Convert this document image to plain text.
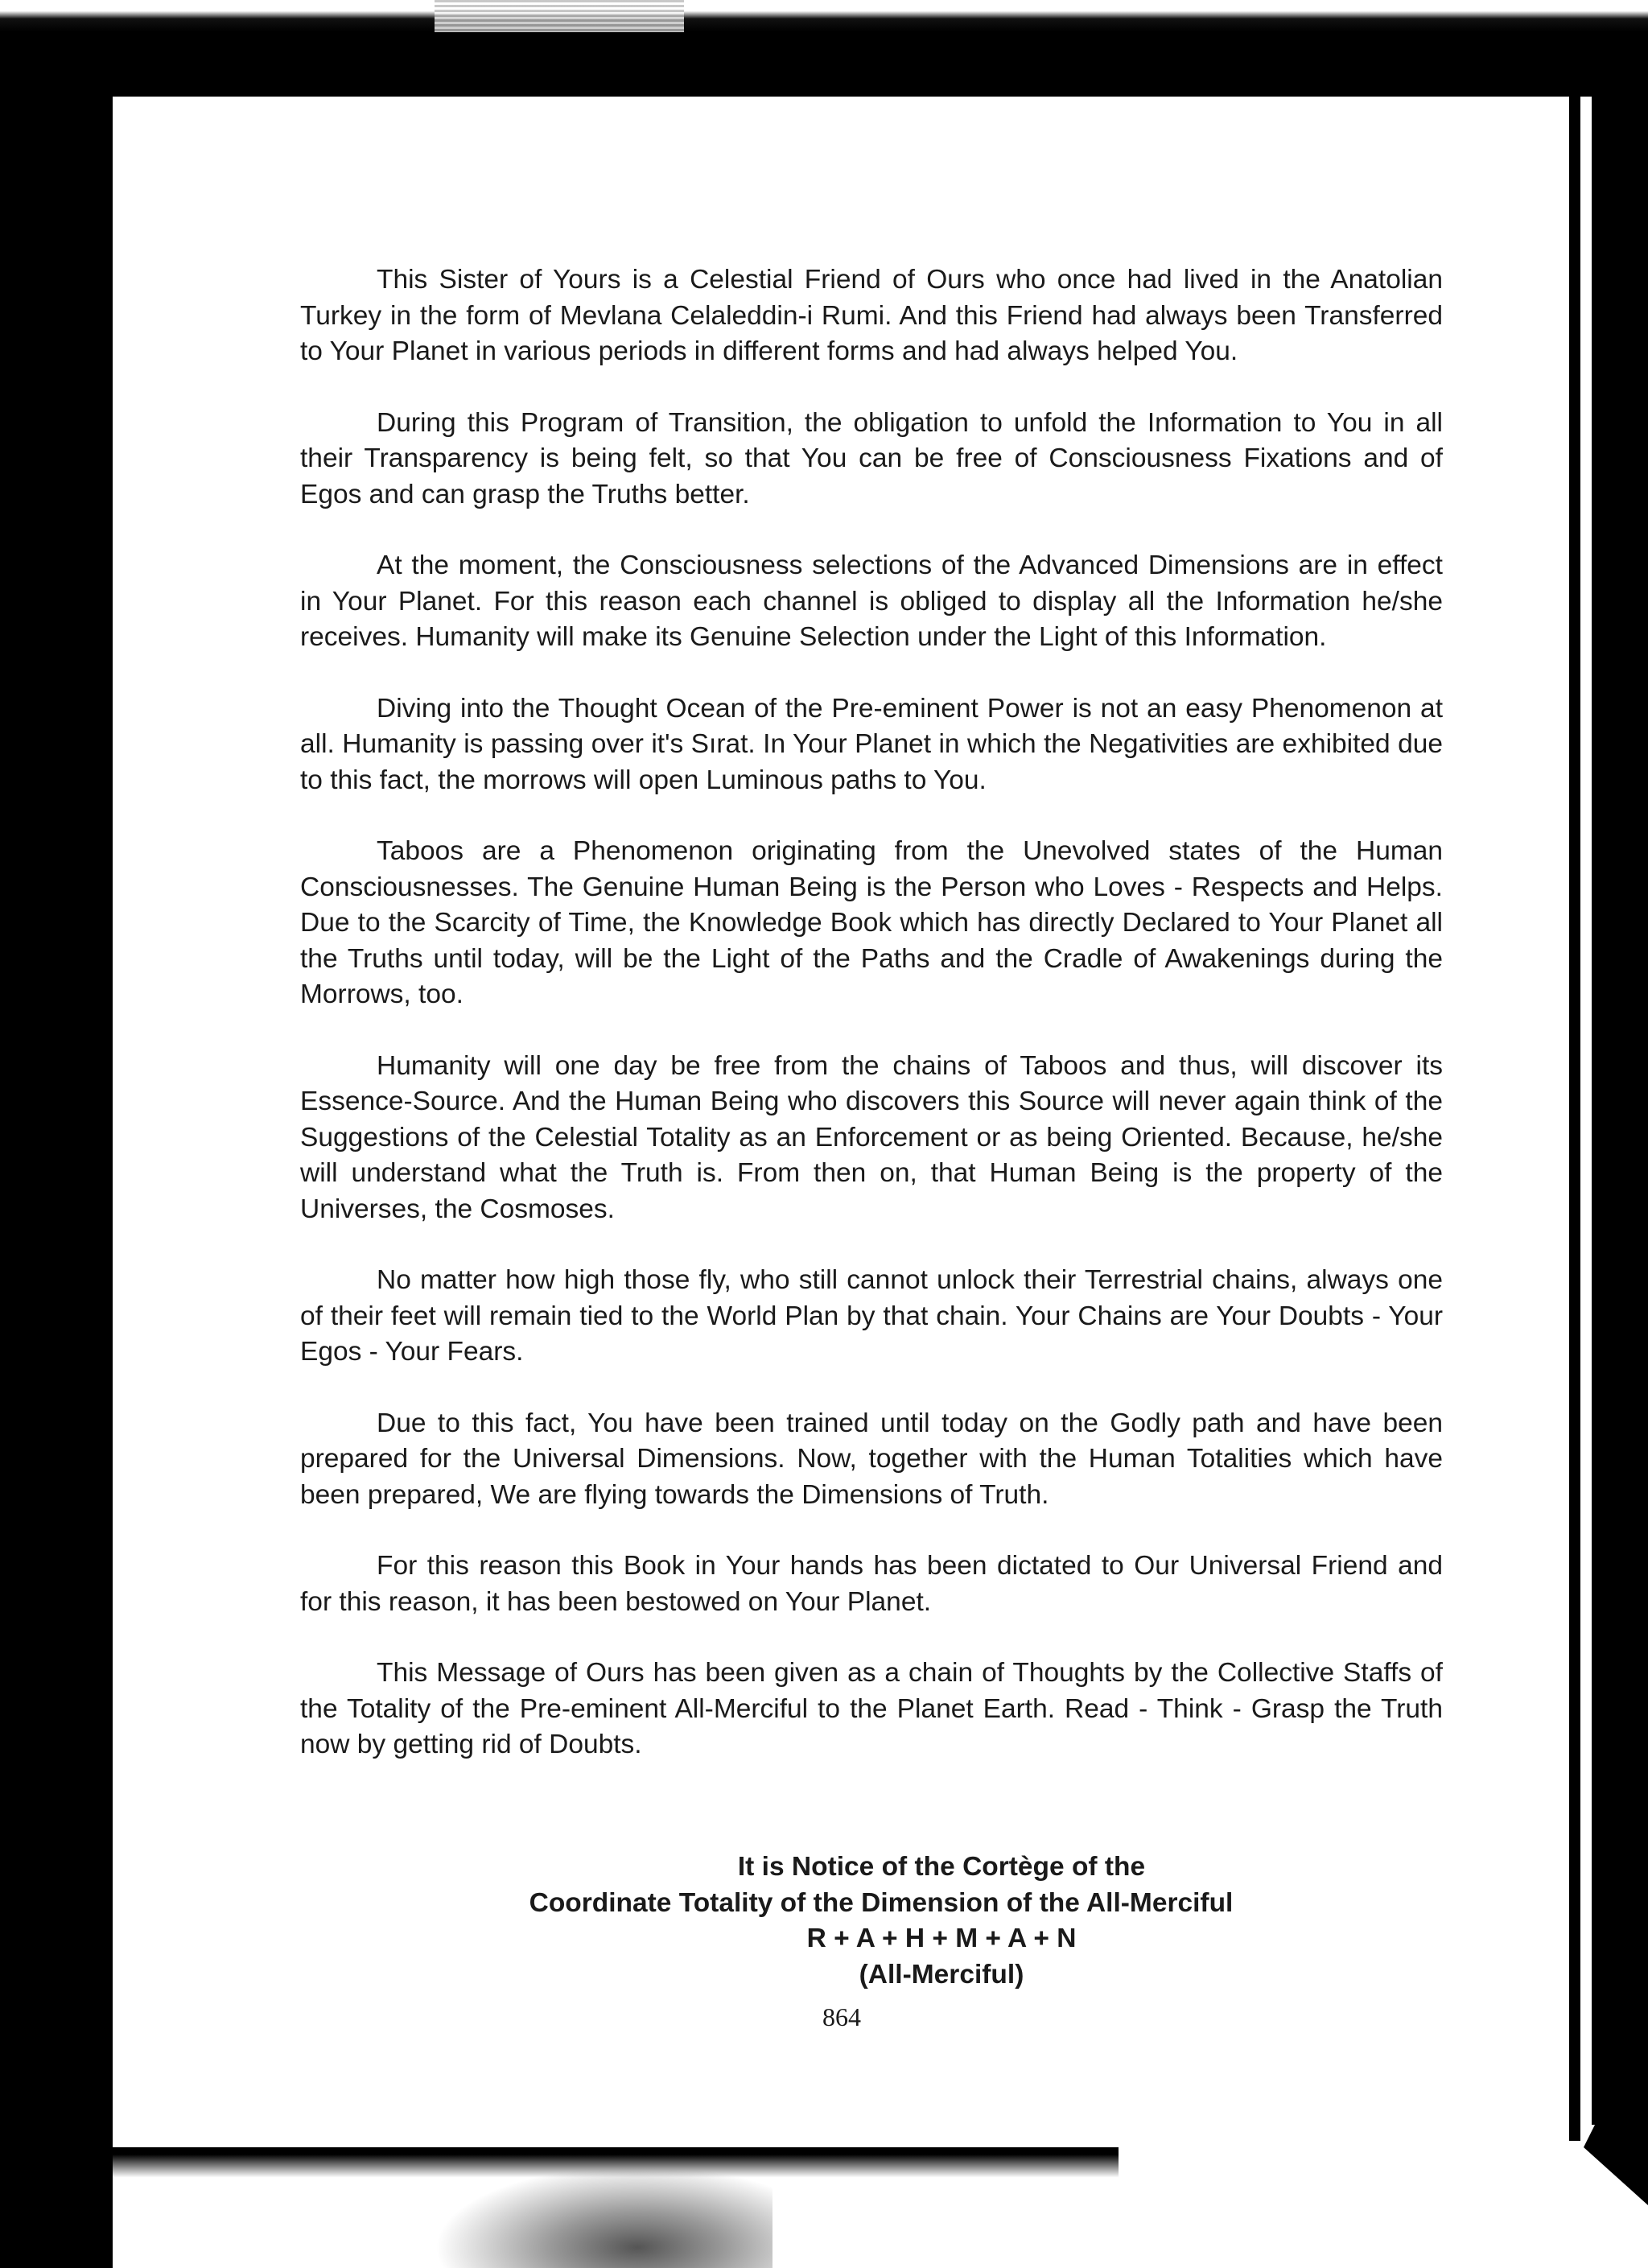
This Sister of Yours is a Celestial Friend of Ours who once had lived in the Anatolian Turkey in the form of Mevlana Celaleddin-i Rumi. And this Friend had always been Transferred to Your Planet in various periods in different forms and had always helped You.

During this Program of Transition, the obligation to unfold the Information to You in all their Transparency is being felt, so that You can be free of Consciousness Fixations and of Egos and can grasp the Truths better.

At the moment, the Consciousness selections of the Advanced Dimensions are in effect in Your Planet. For this reason each channel is obliged to display all the Information he/she receives. Humanity will make its Genuine Selection under the Light of this Information.

Diving into the Thought Ocean of the Pre-eminent Power is not an easy Phenomenon at all. Humanity is passing over it's Sırat. In Your Planet in which the Negativities are exhibited due to this fact, the morrows will open Luminous paths to You.

Taboos are a Phenomenon originating from the Unevolved states of the Human Consciousnesses. The Genuine Human Being is the Person who Loves - Respects and Helps. Due to the Scarcity of Time, the Knowledge Book which has directly Declared to Your Planet all the Truths until today, will be the Light of the Paths and the Cradle of Awakenings during the Morrows, too.

Humanity will one day be free from the chains of Taboos and thus, will discover its Essence-Source. And the Human Being who discovers this Source will never again think of the Suggestions of the Celestial Totality as an Enforcement or as being Oriented. Because, he/she will understand what the Truth is. From then on, that Human Being is the property of the Universes, the Cosmoses.

No matter how high those fly, who still cannot unlock their Terrestrial chains, always one of their feet will remain tied to the World Plan by that chain. Your Chains are Your Doubts - Your Egos - Your Fears.

Due to this fact, You have been trained until today on the Godly path and have been prepared for the Universal Dimensions. Now, together with the Human Totalities which have been prepared, We are flying towards the Dimensions of Truth.

For this reason this Book in Your hands has been dictated to Our Universal Friend and for this reason, it has been bestowed on Your Planet.

This Message of Ours has been given as a chain of Thoughts by the Collective Staffs of the Totality of the Pre-eminent All-Merciful to the Planet Earth. Read - Think - Grasp the Truth now by getting rid of Doubts.

It is Notice of the Cortège of the
Coordinate Totality of the Dimension of the All-Merciful
R + A + H + M + A + N
(All-Merciful)
864
